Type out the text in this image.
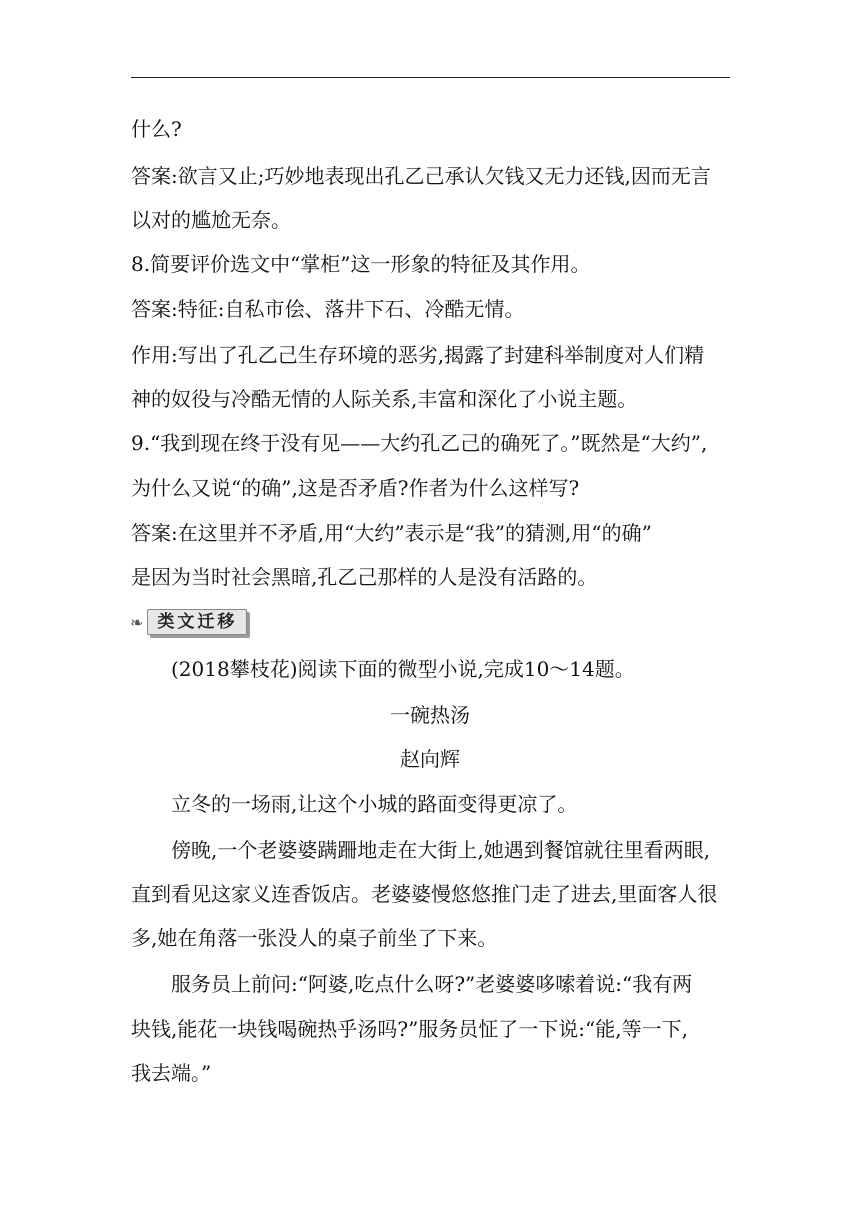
什么?
答案:欲言又止;巧妙地表现出孔乙己承认欠钱又无力还钱,因而无言
以对的尴尬无奈。
8.简要评价选文中“掌柜”这一形象的特征及其作用。
答案:特征:自私市侩、落井下石、冷酷无情。
作用:写出了孔乙己生存环境的恶劣,揭露了封建科举制度对人们精
神的奴役与冷酷无情的人际关系,丰富和深化了小说主题。
9.“我到现在终于没有见——大约孔乙己的确死了。”既然是“大约”,
为什么又说“的确”,这是否矛盾?作者为什么这样写?
答案:在这里并不矛盾,用“大约”表示是“我”的猜测,用“的确”
是因为当时社会黑暗,孔乙己那样的人是没有活路的。
❧ 类文迁移
(2018攀枝花)阅读下面的微型小说,完成10～14题。
一碗热汤
赵向辉
立冬的一场雨,让这个小城的路面变得更凉了。
傍晚,一个老婆婆蹒跚地走在大街上,她遇到餐馆就往里看两眼,
直到看见这家义连香饭店。老婆婆慢悠悠推门走了进去,里面客人很
多,她在角落一张没人的桌子前坐了下来。
服务员上前问:“阿婆,吃点什么呀?”老婆婆哆嗦着说:“我有两
块钱,能花一块钱喝碗热乎汤吗?”服务员怔了一下说:“能,等一下,
我去端。”
